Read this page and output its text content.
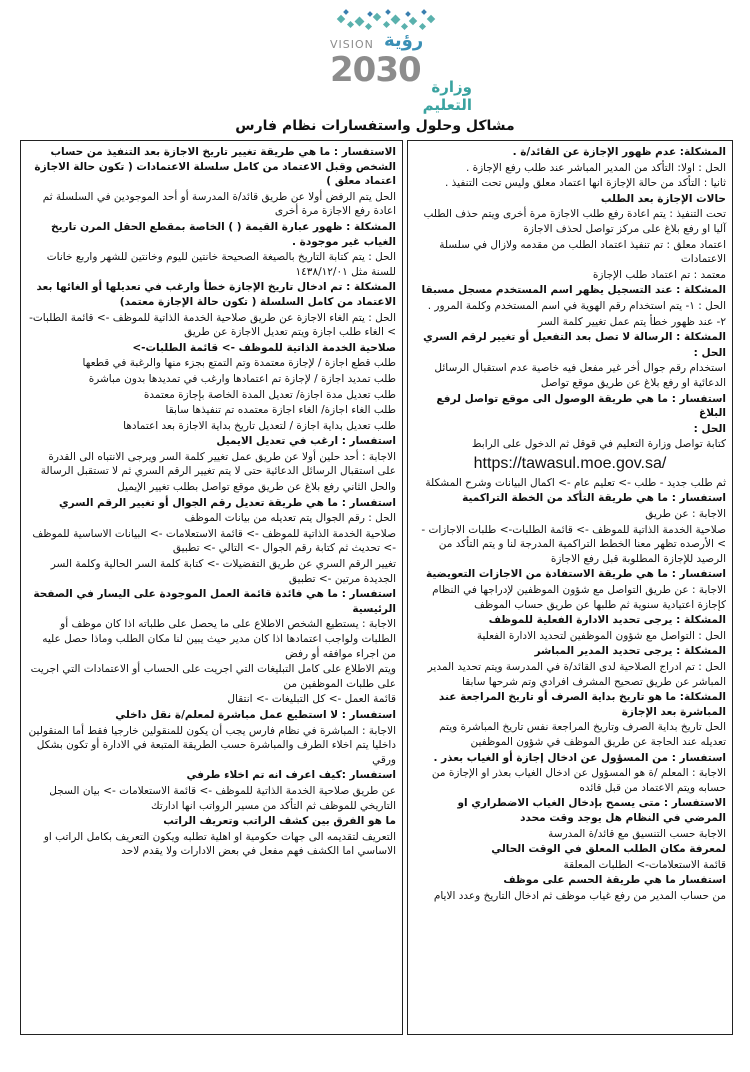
VISION رؤية
2030 وزارة التعليم
مشاكل وحلول واستفسارات نظام فارس

المشكلة: عدم ظهور الإجازة عن القائد/ة .

الحل : اولا: التأكد من المدير المباشر عند طلب رفع الإجازة .

ثانيا : التأكد من حالة الإجازة انها اعتماد معلق وليس تحت التنفيذ .

حالات الإجازة بعد الطلب

تحت التنفيذ : يتم اعادة رفع طلب الاجازة مرة أخرى ويتم حذف الطلب آليا او رفع بلاغ على مركز تواصل لحذف الاجازة

اعتماد معلق : تم تنفيذ اعتماد الطلب من مقدمه ولازال في سلسلة الاعتمادات

معتمد : تم اعتماد طلب الإجازة

المشكلة : عند التسجيل يظهر اسم المستخدم مسجل مسبقا

الحل : ١- يتم استخدام رقم الهوية في اسم المستخدم وكلمة المرور .

٢- عند ظهور خطأ يتم عمل تغيير كلمة السر

المشكلة : الرسالة لا تصل بعد التفعيل أو تغيير لرقم السري

الحل :

استخدام رقم جوال أخر غير مفعل فيه خاصية عدم استقبال الرسائل الدعائية او رفع بلاغ عن طريق موقع تواصل

استفسار : ما هي طريقة الوصول الى موقع تواصل لرفع البلاغ

الحل :

كتابة تواصل وزارة التعليم في قوقل ثم الدخول على الرابط

https://tawasul.moe.gov.sa/

ثم طلب جديد - طلب -> تعليم عام -> اكمال البيانات وشرح المشكلة

استفسار : ما هي طريقة التأكد من الخطة التراكمية

الاجابة : عن طريق

صلاحية الخدمة الذاتية للموظف -> قائمة الطلبات-> طلبات الاجازات -> الأرصده تظهر معنا الخطط التراكمية المدرجة لنا و يتم التأكد من الرصيد للإجازة المطلوبة قبل رفع الاجازة

استفسار : ما هي طريقة الاستفادة من الاجازات التعويضية

الاجابة : عن طريق التواصل مع شؤون الموظفين لإدراجها في النظام كإجازة اعتيادية سنوية ثم طلبها عن طريق حساب الموظف

المشكلة : يرجى تحديد الادارة الفعلية للموظف

الحل : التواصل مع شؤون الموظفين لتحديد الادارة الفعلية

المشكلة : يرجى تحديد المدير المباشر

الحل : تم ادراج الصلاحية لدى القائد/ة في المدرسة ويتم تحديد المدير المباشر عن طريق تصحيح المشرف افرادي وتم شرحها سابقا

المشكلة: ما هو تاريخ بداية الصرف أو تاريخ المراجعة عند المباشرة بعد الإجازة

الحل تاريخ بداية الصرف وتاريخ المراجعة نفس تاريخ المباشرة ويتم تعديله عند الحاجة عن طريق الموظف في شؤون الموظفين

استفسار : من المسؤول عن ادخال إجازة أو الغياب بعذر .

الاجابة : المعلم /ة هو المسؤول عن ادخال الغياب بعذر او الإجازة من حسابه ويتم الاعتماد من قبل قائده

الاستفسار : متى يسمح بإدخال الغياب الاضطراري او المرضي في النظام هل يوجد وقت محدد

الاجابة حسب التنسيق مع قائد/ة المدرسة

لمعرفة مكان الطلب المعلق في الوقت الحالي

قائمة الاستعلامات-> الطلبات المعلقة

استفسار ما هي طريقة الحسم على موظف

من حساب المدير من رفع غياب موظف ثم ادخال التاريخ وعدد الايام

الاستفسار : ما هي طريقة تغيير تاريخ الاجازة بعد التنفيذ من حساب الشخص وقبل الاعتماد من كامل سلسلة الاعتمادات ( تكون حالة الاجازة اعتماد معلق )

الحل يتم الرفض أولا عن طريق قائد/ة المدرسة أو أحد الموجودين في السلسلة ثم اعادة رفع الاجازة مرة أخرى

المشكلة : ظهور عبارة القيمة ( ) الخاصة بمقطع الحقل المرن تاريخ الغياب غير موجودة .

الحل : يتم كتابة التاريخ بالصيغة الصحيحة خانتين لليوم وخانتين للشهر واربع خانات للسنة مثل ١٤٣٨/١٢/٠١

المشكلة : تم ادخال تاريخ الإجازة خطأ وارغب في تعديلها أو الغائها بعد الاعتماد من كامل السلسلة ( تكون حالة الإجازة معتمد)

الحل : يتم الغاء الاجازة عن طريق صلاحية الخدمة الذاتية للموظف -> قائمة الطلبات-> الغاء طلب اجازة ويتم تعديل الاجازة عن طريق

صلاحية الخدمة الذاتية للموظف -> قائمة الطلبات->

طلب قطع اجازة / لإجازة معتمدة وتم التمتع بجزء منها والرغبة في قطعها

طلب تمديد اجازة / لإجازة تم اعتمادها وارغب في تمديدها بدون مباشرة

طلب تعديل مدة اجازة/ تعديل المدة الخاصة بإجازة معتمدة

طلب الغاء اجازة/ الغاء اجازة معتمده تم تنفيذها سابقا

طلب تعديل بداية اجازة / لتعديل تاريخ بداية الاجازة بعد اعتمادها

استفسار : ارغب في تعديل الايميل

الاجابة : أحد حلين أولا عن طريق عمل تغيير كلمة السر ويرجى الانتباه الى القدرة على استقبال الرسائل الدعائية حتى لا يتم تغيير الرقم السري ثم لا تستقبل الرسالة

والحل الثاني رفع بلاغ عن طريق موقع تواصل بطلب تغيير الإيميل

استفسار : ما هي طريقة تعديل رقم الجوال أو تغيير الرقم السري

الحل : رقم الجوال يتم تعديله من بيانات الموظف

صلاحية الخدمة الذاتية للموظف -> قائمة الاستعلامات -> البيانات الاساسية للموظف -> تحديث ثم كتابة رقم الجوال -> التالي -> تطبيق

تغيير الرقم السري عن طريق التفضيلات -> كتابة كلمة السر الحالية وكلمة السر الجديدة مرتين -> تطبيق

استفسار : ما هي فائدة قائمة العمل الموجودة على اليسار في الصفحة الرئيسية

الاجابة : يستطيع الشخص الاطلاع على ما يحصل على طلباته اذا كان موظف أو الطلبات ولواجب اعتمادها اذا كان مدير حيث يبين لنا مكان الطلب وماذا حصل عليه من اجراء موافقه أو رفض

ويتم الاطلاع على كامل التبليغات التي اجريت على الحساب أو الاعتمادات التي اجريت على طلبات الموظفين من

قائمة العمل -> كل التبليغات -> انتقال

استفسار : لا استطيع عمل مباشرة لمعلم/ة نقل داخلي

الاجابة : المباشرة في نظام فارس يجب أن يكون للمنقولين خارجيا فقط أما المنقولين داخليا يتم اخلاء الطرف والمباشرة حسب الطريقة المتبعة في الادارة أو تكون بشكل ورقي

استفسار :كيف اعرف انه تم اخلاء طرفي

عن طريق صلاحية الخدمة الذاتية للموظف -> قائمة الاستعلامات -> بيان السجل التاريخي للموظف ثم التأكد من مسير الرواتب انها ادارتك

ما هو الفرق بين كشف الراتب وتعريف الراتب

التعريف لتقديمه الى جهات حكومية او اهلية تطلبه ويكون التعريف بكامل الراتب او الاساسي اما الكشف فهم مفعل في بعض الادارات ولا يقدم لاحد
